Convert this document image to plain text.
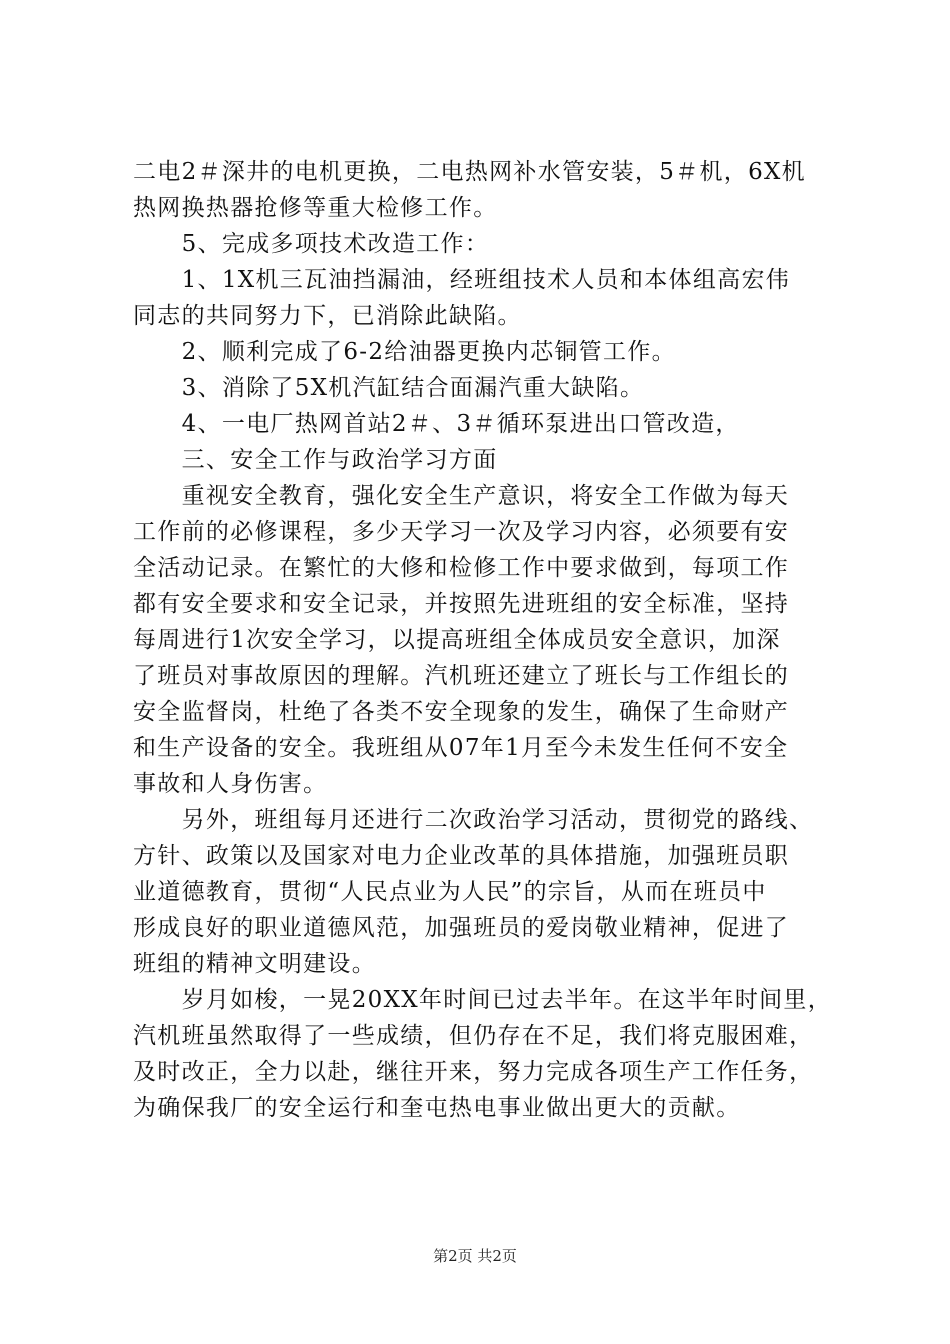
二电2＃深井的电机更换，二电热网补水管安装，5＃机，6X机
热网换热器抢修等重大检修工作。
　　5、完成多项技术改造工作：
　　1、1X机三瓦油挡漏油，经班组技术人员和本体组高宏伟
同志的共同努力下，已消除此缺陷。
　　2、顺利完成了6-2给油器更换内芯铜管工作。
　　3、消除了5X机汽缸结合面漏汽重大缺陷。
　　4、一电厂热网首站2＃、3＃循环泵进出口管改造，
　　三、安全工作与政治学习方面
　　重视安全教育，强化安全生产意识，将安全工作做为每天
工作前的必修课程，多少天学习一次及学习内容，必须要有安
全活动记录。在繁忙的大修和检修工作中要求做到，每项工作
都有安全要求和安全记录，并按照先进班组的安全标准，坚持
每周进行1次安全学习，以提高班组全体成员安全意识，加深
了班员对事故原因的理解。汽机班还建立了班长与工作组长的
安全监督岗，杜绝了各类不安全现象的发生，确保了生命财产
和生产设备的安全。我班组从07年1月至今未发生任何不安全
事故和人身伤害。
　　另外，班组每月还进行二次政治学习活动，贯彻党的路线、
方针、政策以及国家对电力企业改革的具体措施，加强班员职
业道德教育，贯彻“人民点业为人民”的宗旨，从而在班员中
形成良好的职业道德风范，加强班员的爱岗敬业精神，促进了
班组的精神文明建设。
　　岁月如梭，一晃20XX年时间已过去半年。在这半年时间里，
汽机班虽然取得了一些成绩，但仍存在不足，我们将克服困难，
及时改正，全力以赴，继往开来，努力完成各项生产工作任务，
为确保我厂的安全运行和奎屯热电事业做出更大的贡献。
第2页 共2页
